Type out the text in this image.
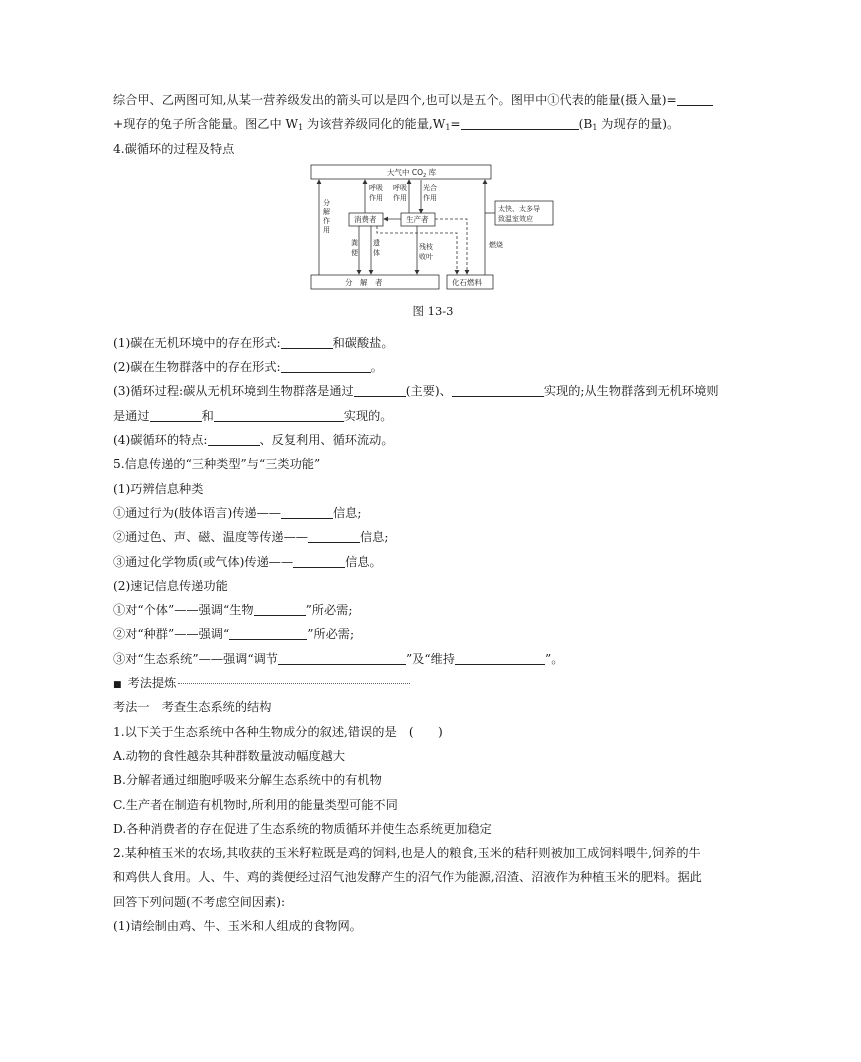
综合甲、乙两图可知,从某一营养级发出的箭头可以是四个,也可以是五个。图甲中①代表的能量(摄入量)=
+现存的兔子所含能量。图乙中 $W_1$ 为该营养级同化的能量$,W_1=$	($B_1$ 为现存的量)。
4.碳循环的过程及特点
大气中 $CO_2$ 库
分　解　者	化石燃料
消费者	生产者
太快、太多导
致温室效应
分
解
作
用
呼吸
作用
呼吸
作用
光合
作用
粪
便
遗
体
残枝
败叶
燃烧
图 13-3
(1)碳在无机环境中的存在形式:	和碳酸盐。
(2)碳在生物群落中的存在形式:	。
(3)循环过程:碳从无机环境到生物群落是通过	(主要)、	实现的;从生物群落到无机环境则
是通过	和	实现的。
(4)碳循环的特点:	、反复利用、循环流动。
5.信息传递的“三种类型”与“三类功能”
(1)巧辨信息种类
①通过行为(肢体语言)传递——	信息;
②通过色、声、磁、温度等传递——	信息;
③通过化学物质(或气体)传递——	信息。
(2)速记信息传递功能
①对“个体”——强调“生物	”所必需;
②对“种群”——强调“	”所必需;
③对“生态系统”——强调“调节	”及“维持	”。
■ 考法提炼
考法一　考查生态系统的结构
1.以下关于生态系统中各种生物成分的叙述,错误的是　(　　)
A.动物的食性越杂其种群数量波动幅度越大
B.分解者通过细胞呼吸来分解生态系统中的有机物
C.生产者在制造有机物时,所利用的能量类型可能不同
D.各种消费者的存在促进了生态系统的物质循环并使生态系统更加稳定
2.某种植玉米的农场,其收获的玉米籽粒既是鸡的饲料,也是人的粮食,玉米的秸秆则被加工成饲料喂牛,饲养的牛
和鸡供人食用。人、牛、鸡的粪便经过沼气池发酵产生的沼气作为能源,沼渣、沼液作为种植玉米的肥料。据此
回答下列问题(不考虑空间因素):
(1)请绘制由鸡、牛、玉米和人组成的食物网。
